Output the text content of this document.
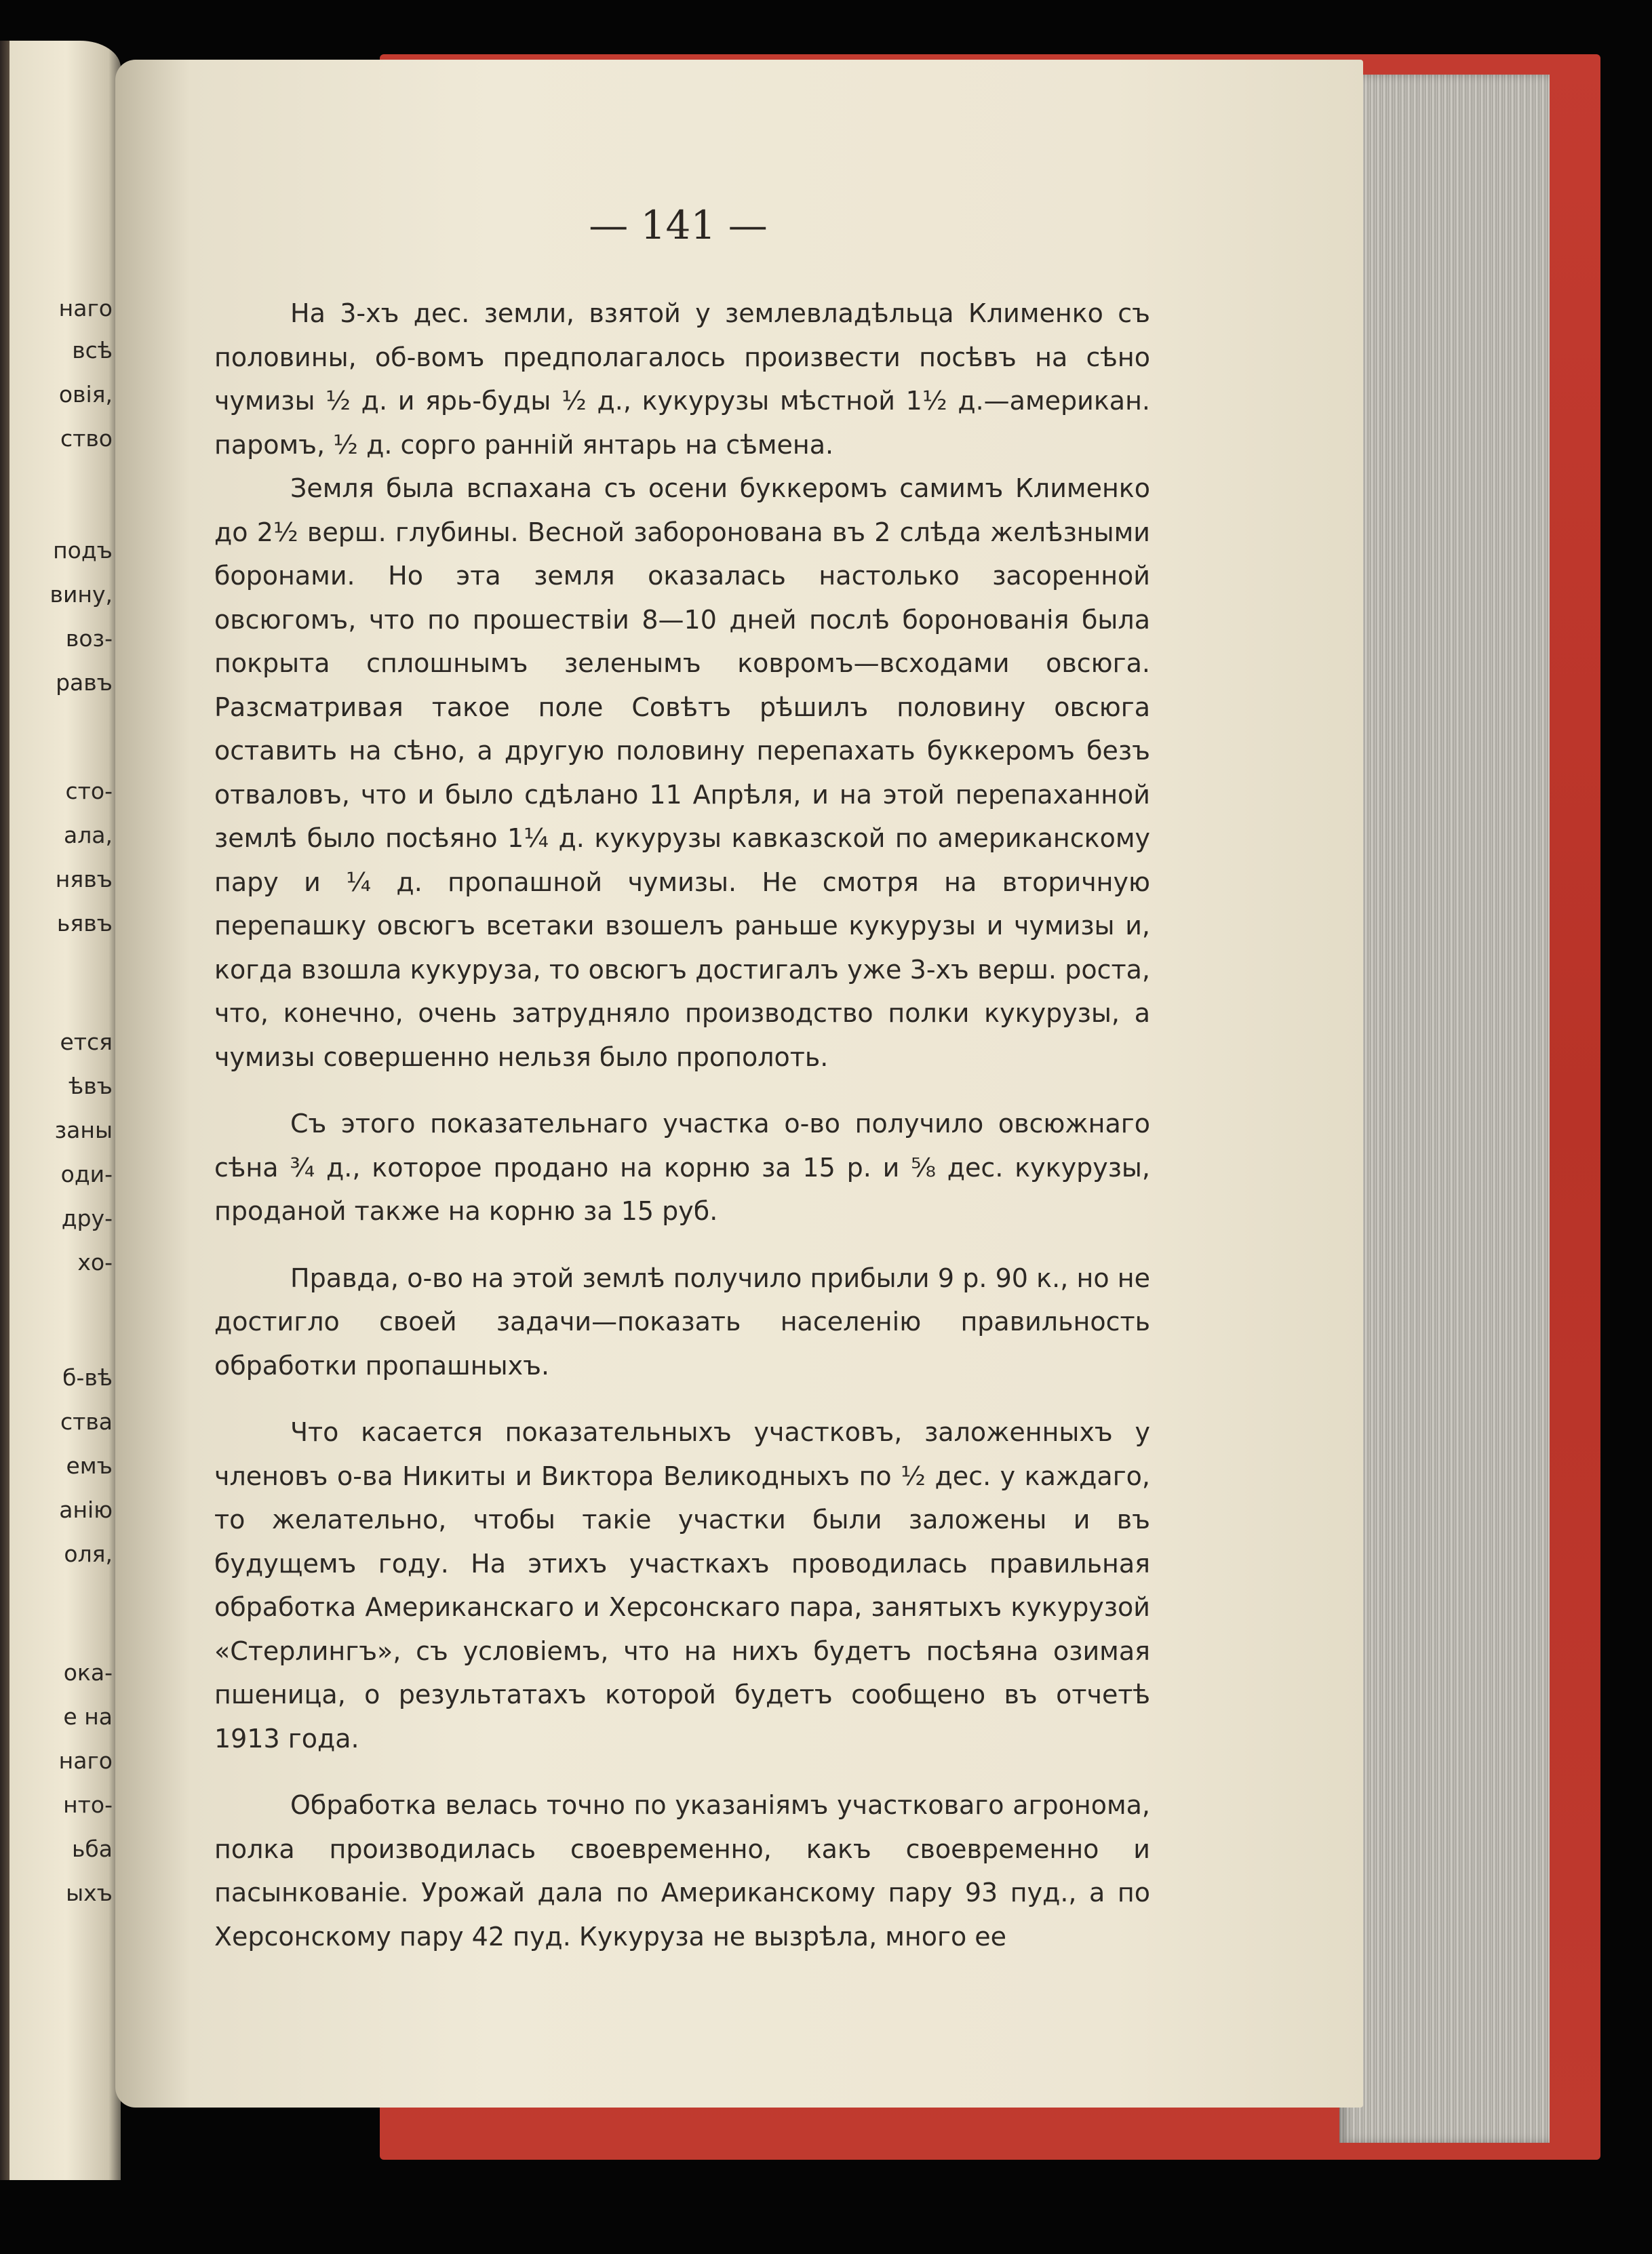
наго
всѣ
овія,
ство
подъ
вину,
воз-
равъ
сто-
ала,
нявъ
ьявъ
ется
ѣвъ
заны
оди-
дру-
хо-
б-вѣ
ства
емъ
анію
оля,
ока-
е на
наго
нто-
ьба
ыхъ
— 141 —

На 3-хъ дес. земли, взятой у землевладѣльца Клименко съ половины, об-вомъ предполагалось произвести посѣвъ на сѣно чумизы ½ д. и ярь-буды ½ д., кукурузы мѣстной 1½ д.—американ. паромъ, ½ д. сорго ранній янтарь на сѣмена.

Земля была вспахана съ осени буккеромъ самимъ Клименко до 2½ верш. глубины. Весной заборонована въ 2 слѣда желѣзными боронами. Но эта земля оказалась настолько засоренной овсюгомъ, что по прошествіи 8—10 дней послѣ боронованія была покрыта сплошнымъ зеленымъ ковромъ—всходами овсюга. Разсматривая такое поле Совѣтъ рѣшилъ половину овсюга оставить на сѣно, а другую половину перепахать буккеромъ безъ отваловъ, что и было сдѣлано 11 Апрѣля, и на этой перепаханной землѣ было посѣяно 1¼ д. кукурузы кавказской по американскому пару и ¼ д. пропашной чумизы. Не смотря на вторичную перепашку овсюгъ всетаки взошелъ раньше кукурузы и чумизы и, когда взошла кукуруза, то овсюгъ достигалъ уже 3-хъ верш. роста, что, конечно, очень затрудняло производство полки кукурузы, а чумизы совершенно нельзя было прополоть.

Съ этого показательнаго участка о-во получило овсюжнаго сѣна ¾ д., которое продано на корню за 15 р. и ⅝ дес. кукурузы, проданой также на корню за 15 руб.

Правда, о-во на этой землѣ получило прибыли 9 р. 90 к., но не достигло своей задачи—показать населенію правильность обработки пропашныхъ.

Что касается показательныхъ участковъ, заложенныхъ у членовъ о-ва Никиты и Виктора Великодныхъ по ½ дес. у каждаго, то желательно, чтобы такіе участки были заложены и въ будущемъ году. На этихъ участкахъ проводилась правильная обработка Американскаго и Херсонскаго пара, занятыхъ кукурузой «Стерлингъ», съ условіемъ, что на нихъ будетъ посѣяна озимая пшеница, о результатахъ которой будетъ сообщено въ отчетѣ 1913 года.

Обработка велась точно по указаніямъ участковаго агронома, полка производилась своевременно, какъ своевременно и пасынкованіе. Урожай дала по Американскому пару 93 пуд., а по Херсонскому пару 42 пуд. Кукуруза не вызрѣла, много ее
